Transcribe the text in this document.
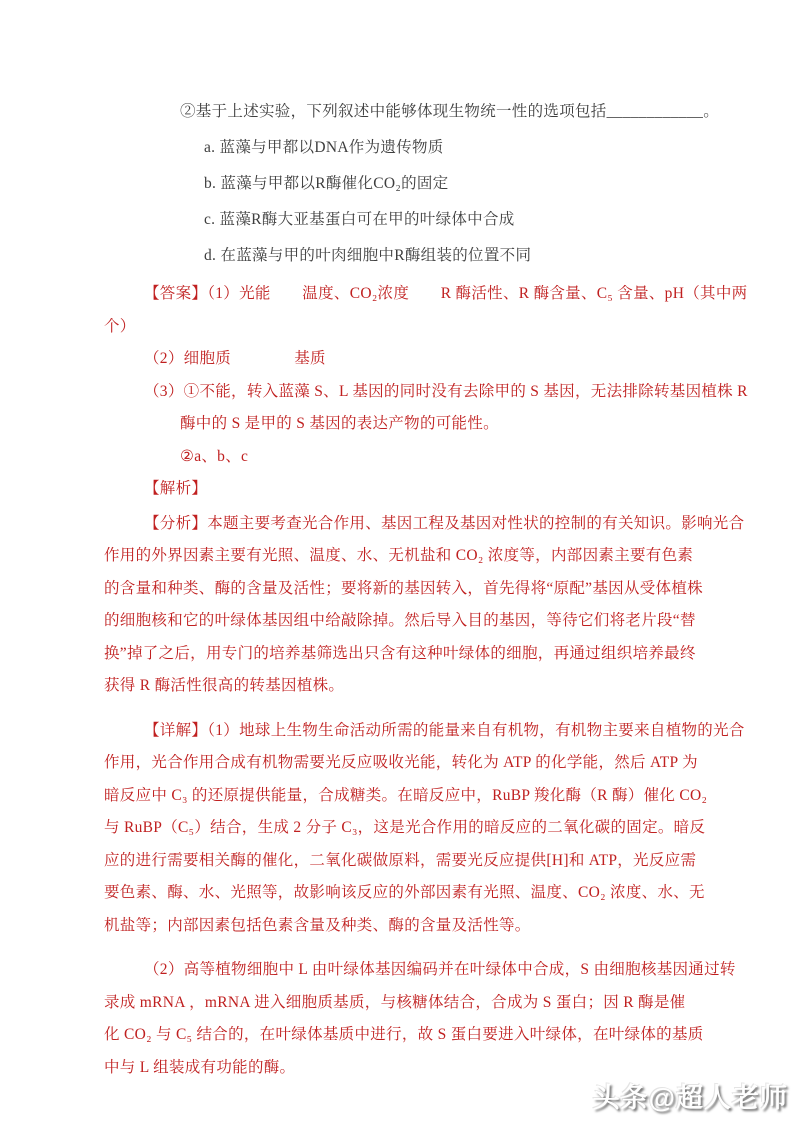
②基于上述实验，下列叙述中能够体现生物统一性的选项包括____________。
a. 蓝藻与甲都以DNA作为遗传物质
b. 蓝藻与甲都以R酶催化CO₂的固定
c. 蓝藻R酶大亚基蛋白可在甲的叶绿体中合成
d. 在蓝藻与甲的叶肉细胞中R酶组装的位置不同
【答案】（1）光能　　温度、CO₂浓度　　R 酶活性、R 酶含量、C₅ 含量、pH（其中两
个）
（2）细胞质　　　　基质
（3）①不能，转入蓝藻 S、L 基因的同时没有去除甲的 S 基因，无法排除转基因植株 R
酶中的 S 是甲的 S 基因的表达产物的可能性。
②a、b、c
【解析】
【分析】本题主要考查光合作用、基因工程及基因对性状的控制的有关知识。影响光合
作用的外界因素主要有光照、温度、水、无机盐和 CO₂ 浓度等，内部因素主要有色素
的含量和种类、酶的含量及活性；要将新的基因转入，首先得将“原配”基因从受体植株
的细胞核和它的叶绿体基因组中给敲除掉。然后导入目的基因，等待它们将老片段“替
换”掉了之后，用专门的培养基筛选出只含有这种叶绿体的细胞，再通过组织培养最终
获得 R 酶活性很高的转基因植株。
【详解】（1）地球上生物生命活动所需的能量来自有机物，有机物主要来自植物的光合
作用，光合作用合成有机物需要光反应吸收光能，转化为 ATP 的化学能，然后 ATP 为
暗反应中 C₃ 的还原提供能量，合成糖类。在暗反应中，RuBP 羧化酶（R 酶）催化 CO₂
与 RuBP（C₅）结合，生成 2 分子 C₃，这是光合作用的暗反应的二氧化碳的固定。暗反
应的进行需要相关酶的催化，二氧化碳做原料，需要光反应提供[H]和 ATP，光反应需
要色素、酶、水、光照等，故影响该反应的外部因素有光照、温度、CO₂ 浓度、水、无
机盐等；内部因素包括色素含量及种类、酶的含量及活性等。
（2）高等植物细胞中 L 由叶绿体基因编码并在叶绿体中合成，S 由细胞核基因通过转
录成 mRNA ，mRNA 进入细胞质基质，与核糖体结合，合成为 S 蛋白；因 R 酶是催
化 CO₂ 与 C₅ 结合的，在叶绿体基质中进行，故 S 蛋白要进入叶绿体，在叶绿体的基质
中与 L 组装成有功能的酶。
头条@超人老师
